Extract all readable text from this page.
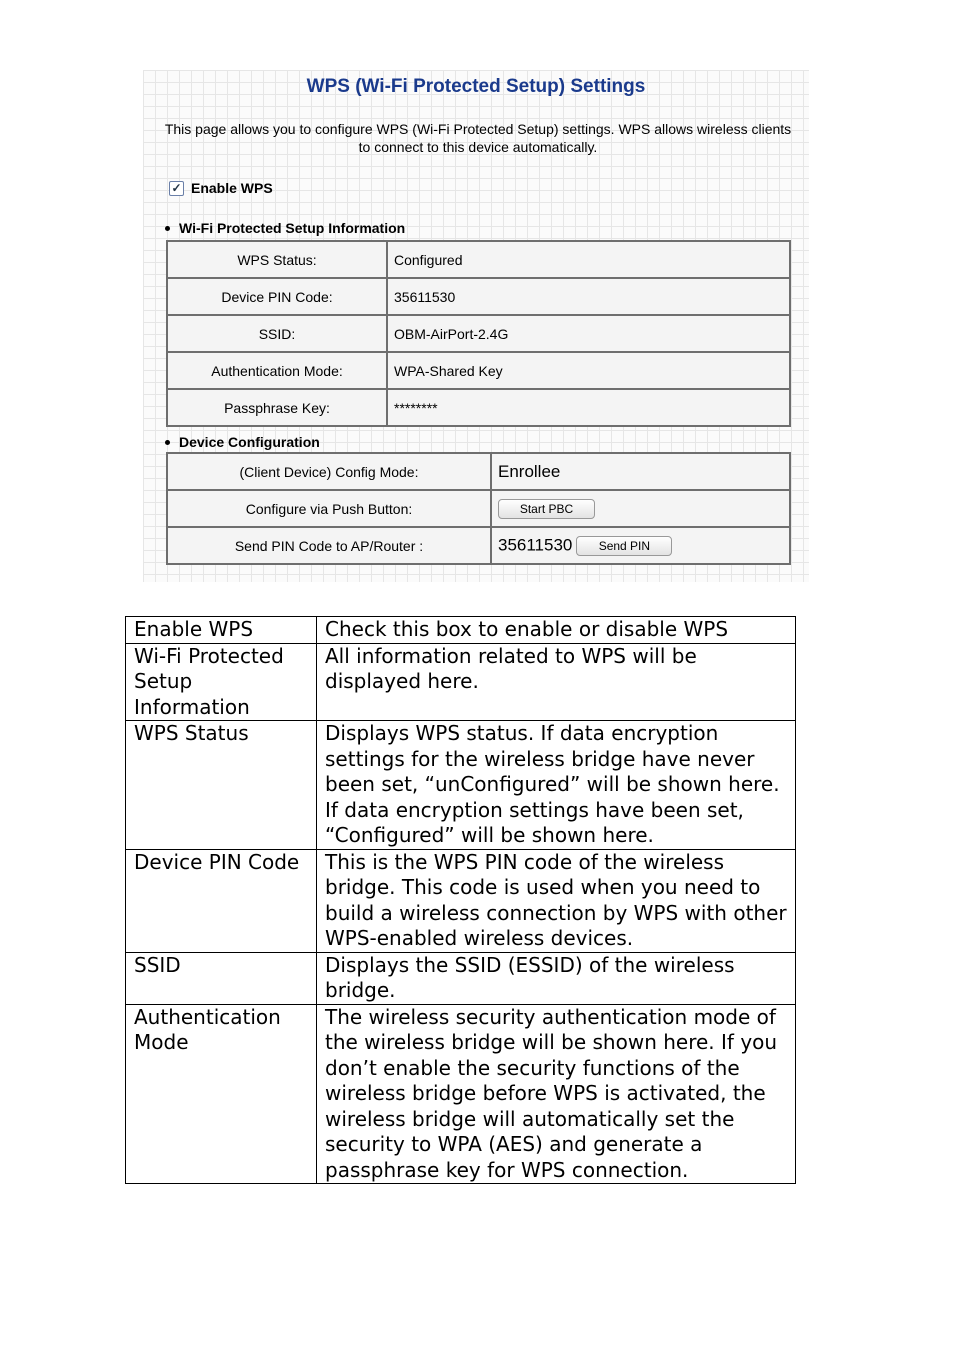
WPS (Wi-Fi Protected Setup) Settings

This page allows you to configure WPS (Wi-Fi Protected Setup) settings. WPS allows wireless clients to connect to this device automatically.

✓ Enable WPS
Wi-Fi Protected Setup Information
WPS Status:	Configured
Device PIN Code:	35611530
SSID:	OBM-AirPort-2.4G
Authentication Mode:	WPA-Shared Key
Passphrase Key:	********
Device Configuration
(Client Device) Config Mode:	Enrollee
Configure via Push Button:	Start PBC
Send PIN Code to AP/Router :	35611530 Send PIN
Enable WPS	Check this box to enable or disable WPS
Wi-Fi Protected Setup Information	All information related to WPS will be displayed here.
WPS Status	Displays WPS status. If data encryption settings for the wireless bridge have never been set, “unConfigured” will be shown here. If data encryption settings have been set, “Configured” will be shown here.
Device PIN Code	This is the WPS PIN code of the wireless bridge. This code is used when you need to build a wireless connection by WPS with other WPS-enabled wireless devices.
SSID	Displays the SSID (ESSID) of the wireless bridge.
Authentication Mode	The wireless security authentication mode of the wireless bridge will be shown here. If you don’t enable the security functions of the wireless bridge before WPS is activated, the wireless bridge will automatically set the security to WPA (AES) and generate a passphrase key for WPS connection.
